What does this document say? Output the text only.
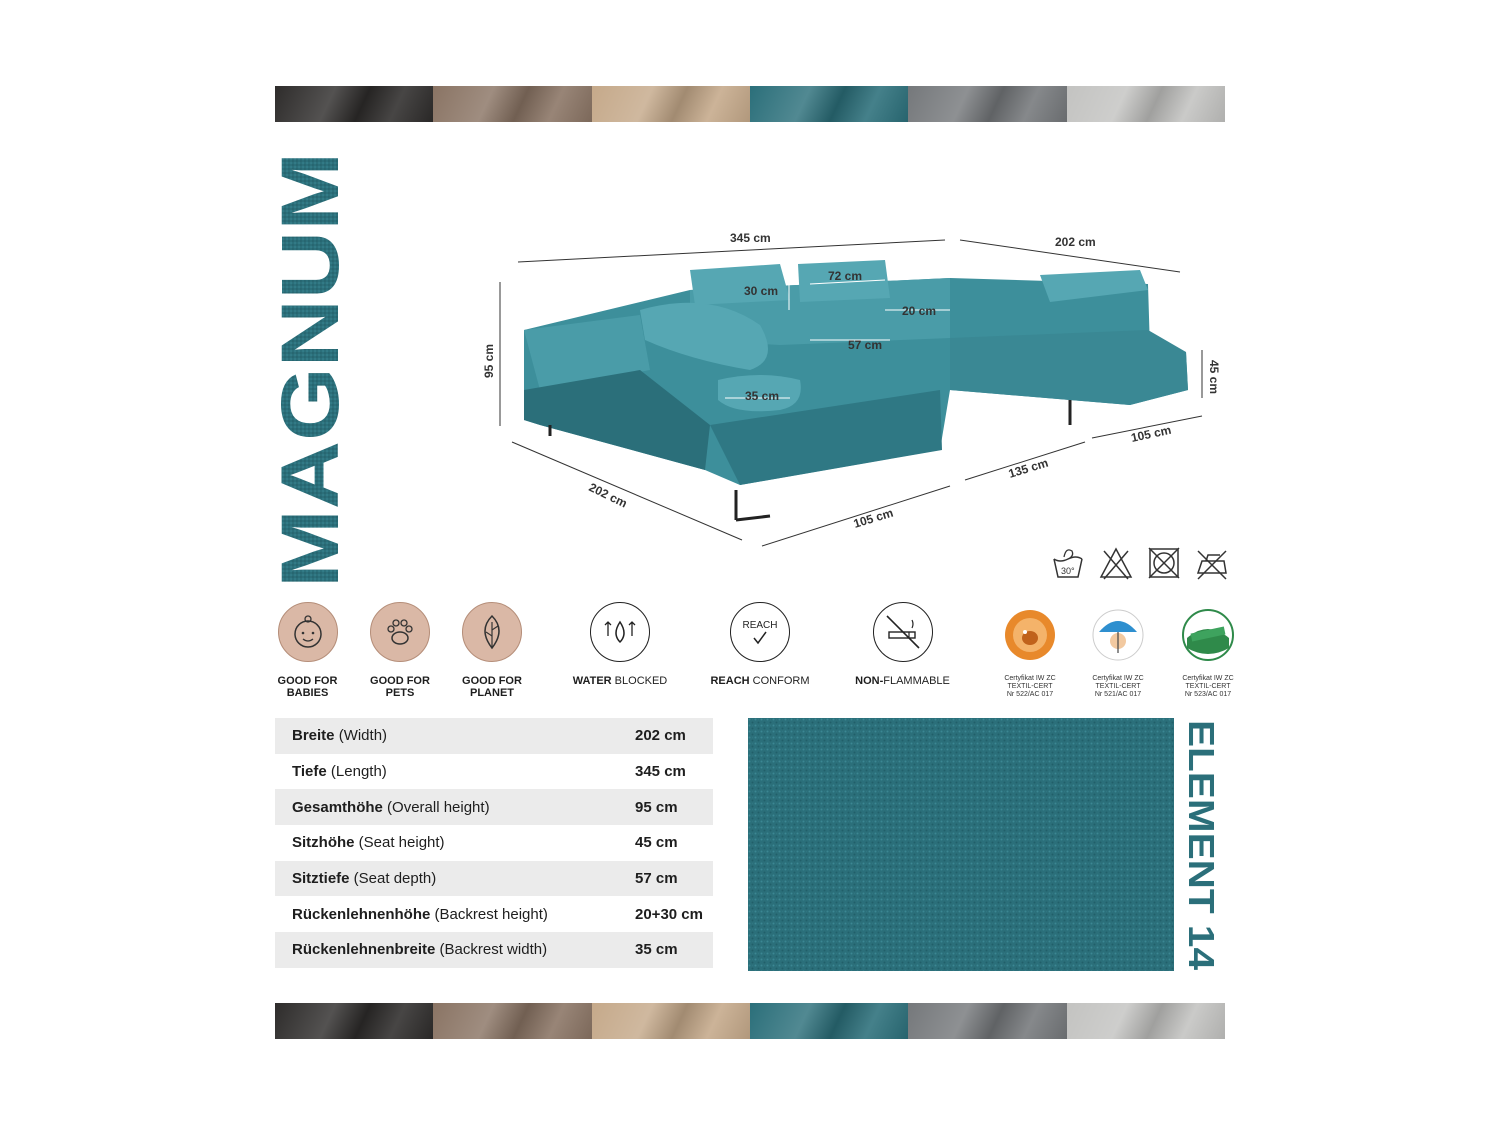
MAGNUM	345 cm	202 cm
30 cm
72 cm
20 cm
57 cm
95 cm
35 cm
45 cm
202 cm
105 cm
135 cm
105 cm
30°
GOOD FOR
BABIES
GOOD FOR
PETS
GOOD FOR
PLANET
WATER BLOCKED
REACH
REACH CONFORM	NON-FLAMMABLE	Certyfikat IW ZC
TEXTIL-CERT
Nr 522/AC 017
Certyfikat IW ZC
TEXTIL-CERT
Nr 521/AC 017
Certyfikat IW ZC
TEXTIL-CERT
Nr 523/AC 017
Breite (Width)	202 cm
Tiefe (Length)	345 cm
Gesamthöhe (Overall height)	95 cm
Sitzhöhe (Seat height)	45 cm
Sitztiefe (Seat depth)	57 cm
Rückenlehnenhöhe (Backrest height)	20+30 cm
Rückenlehnenbreite (Backrest width)	35 cm
ELEMENT 14
